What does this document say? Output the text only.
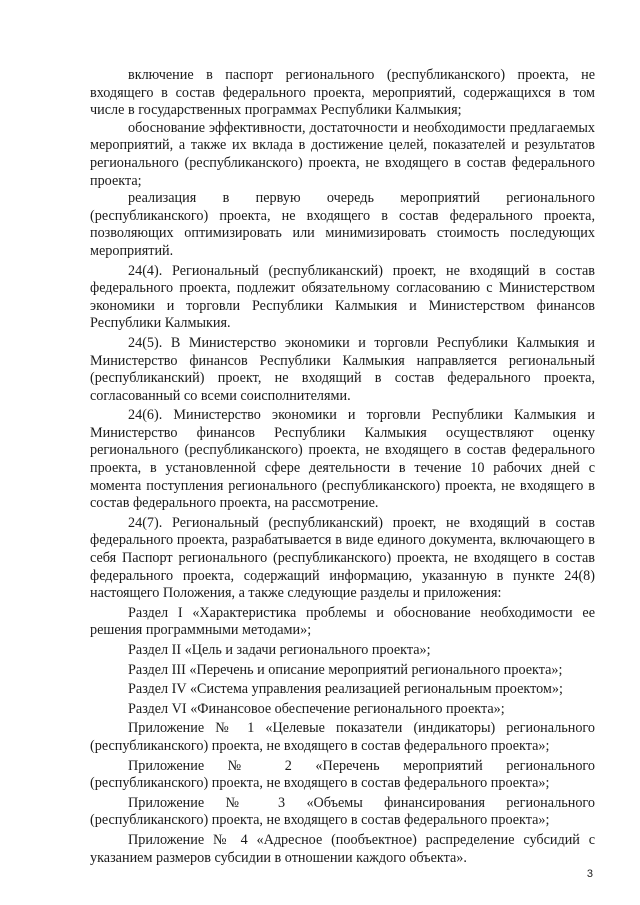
включение в паспорт регионального (республиканского) проекта, не входящего в состав федерального проекта, мероприятий, содержащихся в том числе в государственных программах Республики Калмыкия;

обоснование эффективности, достаточности и необходимости предлагаемых мероприятий, а также их вклада в достижение целей, показателей и результатов регионального (республиканского) проекта, не входящего в состав федерального проекта;

реализация в первую очередь мероприятий регионального (республиканского) проекта, не входящего в состав федерального проекта, позволяющих оптимизировать или минимизировать стоимость последующих мероприятий.

24(4). Региональный (республиканский) проект, не входящий в состав федерального проекта, подлежит обязательному согласованию с Министерством экономики и торговли Республики Калмыкия и Министерством финансов Республики Калмыкия.

24(5). В Министерство экономики и торговли Республики Калмыкия и Министерство финансов Республики Калмыкия направляется региональный (республиканский) проект, не входящий в состав федерального проекта, согласованный со всеми соисполнителями.

24(6). Министерство экономики и торговли Республики Калмыкия и Министерство финансов Республики Калмыкия осуществляют оценку регионального (республиканского) проекта, не входящего в состав федерального проекта, в установленной сфере деятельности в течение 10 рабочих дней с момента поступления регионального (республиканского) проекта, не входящего в состав федерального проекта, на рассмотрение.

24(7). Региональный (республиканский) проект, не входящий в состав федерального проекта, разрабатывается в виде единого документа, включающего в себя Паспорт регионального (республиканского) проекта, не входящего в состав федерального проекта, содержащий информацию, указанную в пункте 24(8) настоящего Положения, а также следующие разделы и приложения:

Раздел I «Характеристика проблемы и обоснование необходимости ее решения программными методами»;

Раздел II «Цель и задачи регионального проекта»;

Раздел III «Перечень и описание мероприятий регионального проекта»;

Раздел IV «Система управления реализацией региональным проектом»;

Раздел VI «Финансовое обеспечение регионального проекта»;

Приложение № 1 «Целевые показатели (индикаторы) регионального (республиканского) проекта, не входящего в состав федерального проекта»;

Приложение № 2 «Перечень мероприятий регионального (республиканского) проекта, не входящего в состав федерального проекта»;

Приложение № 3 «Объемы финансирования регионального (республиканского) проекта, не входящего в состав федерального проекта»;

Приложение № 4 «Адресное (пообъектное) распределение субсидий с указанием размеров субсидии в отношении каждого объекта».

3
